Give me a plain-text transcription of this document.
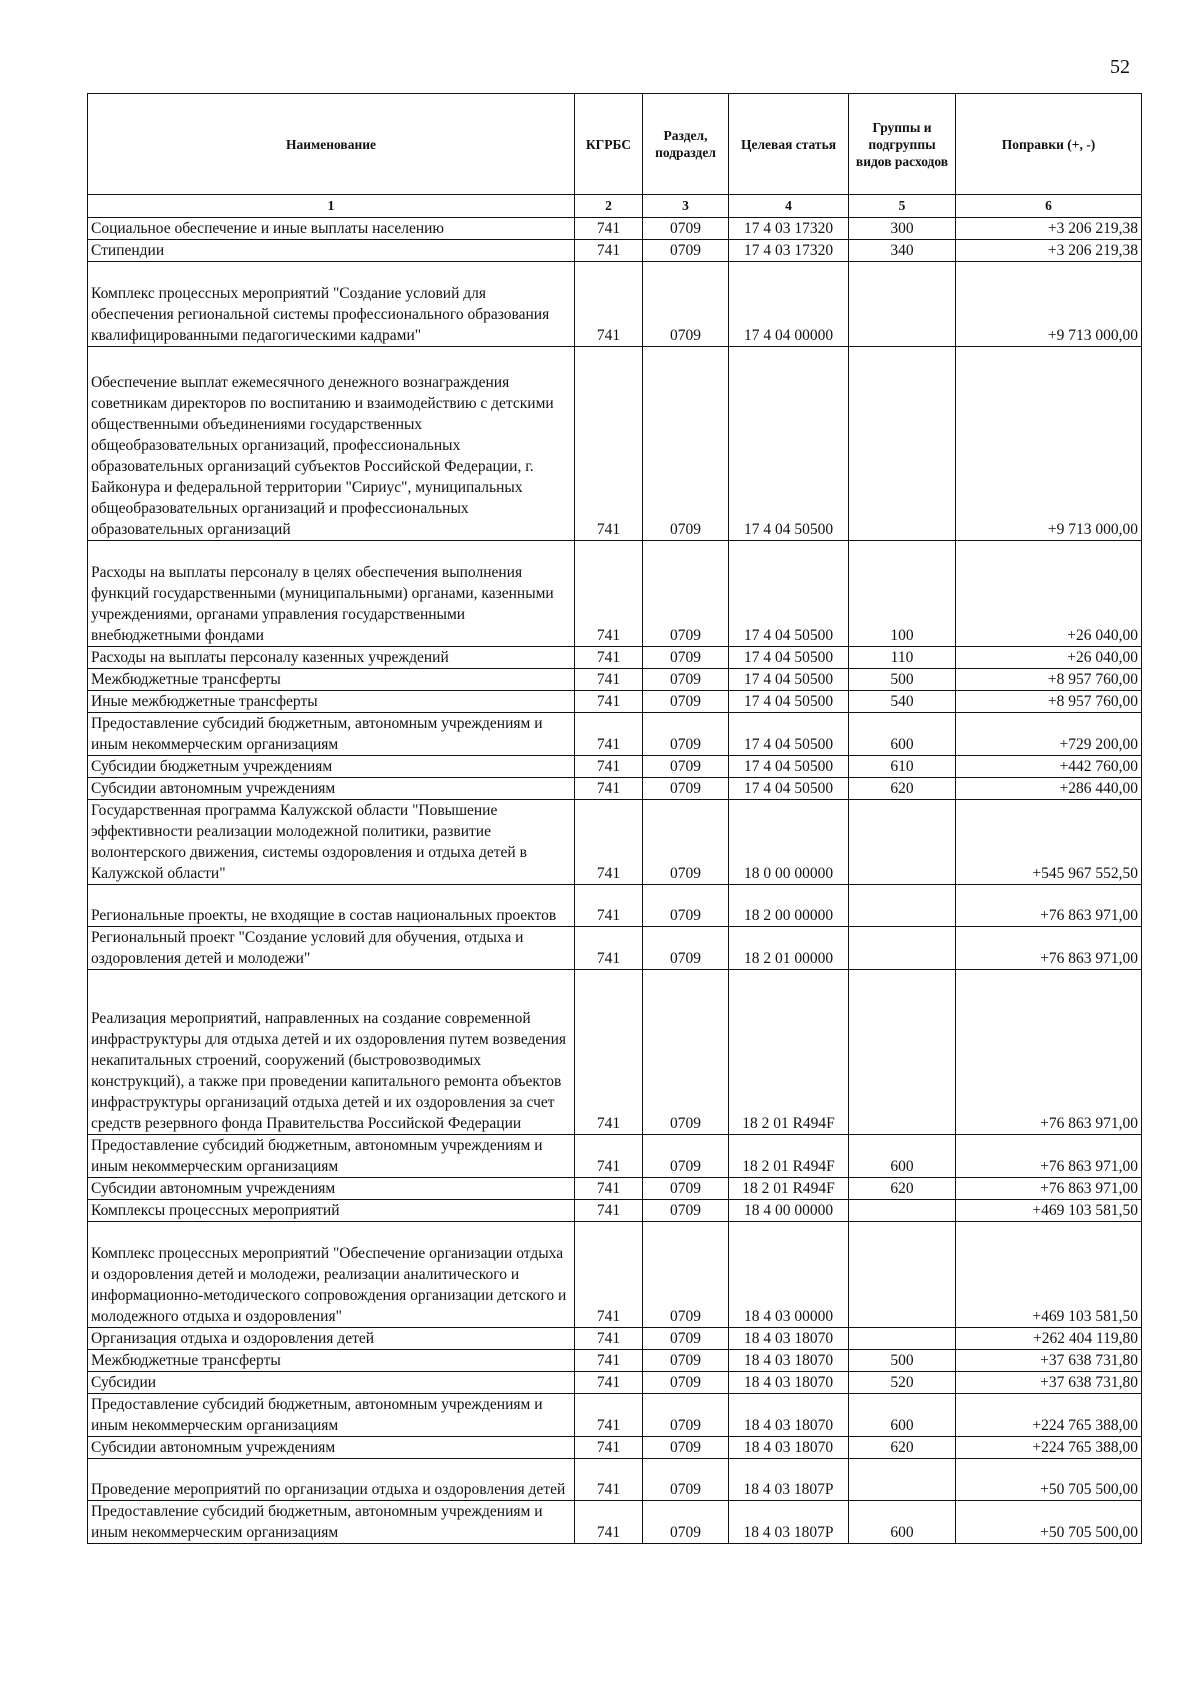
52
Наименование	КГРБС	Раздел, подраздел	Целевая статья	Группы и подгруппы видов расходов	Поправки (+, -)
1	2	3	4	5	6
Социальное обеспечение и иные выплаты населению	741	0709	17 4 03 17320	300	+3 206 219,38
Стипендии	741	0709	17 4 03 17320	340	+3 206 219,38
Комплекс процессных мероприятий "Создание условий для обеспечения региональной системы профессионального образования квалифицированными педагогическими кадрами"	741	0709	17 4 04 00000		+9 713 000,00
Обеспечение выплат ежемесячного денежного вознаграждения советникам директоров по воспитанию и взаимодействию с детскими общественными объединениями государственных общеобразовательных организаций, профессиональных образовательных организаций субъектов Российской Федерации, г. Байконура и федеральной территории "Сириус", муниципальных общеобразовательных организаций и профессиональных образовательных организаций	741	0709	17 4 04 50500		+9 713 000,00
Расходы на выплаты персоналу в целях обеспечения выполнения функций государственными (муниципальными) органами, казенными учреждениями, органами управления государственными внебюджетными фондами	741	0709	17 4 04 50500	100	+26 040,00
Расходы на выплаты персоналу казенных учреждений	741	0709	17 4 04 50500	110	+26 040,00
Межбюджетные трансферты	741	0709	17 4 04 50500	500	+8 957 760,00
Иные межбюджетные трансферты	741	0709	17 4 04 50500	540	+8 957 760,00
Предоставление субсидий бюджетным, автономным учреждениям и иным некоммерческим организациям	741	0709	17 4 04 50500	600	+729 200,00
Субсидии бюджетным учреждениям	741	0709	17 4 04 50500	610	+442 760,00
Субсидии автономным учреждениям	741	0709	17 4 04 50500	620	+286 440,00
Государственная программа Калужской области "Повышение эффективности реализации молодежной политики, развитие волонтерского движения, системы оздоровления и отдыха детей в Калужской области"	741	0709	18 0 00 00000		+545 967 552,50
Региональные проекты, не входящие в состав национальных проектов	741	0709	18 2 00 00000		+76 863 971,00
Региональный проект "Создание условий для обучения, отдыха и оздоровления детей и молодежи"	741	0709	18 2 01 00000		+76 863 971,00
Реализация мероприятий, направленных на создание современной инфраструктуры для отдыха детей и их оздоровления путем возведения некапитальных строений, сооружений (быстровозводимых конструкций), а также при проведении капитального ремонта объектов инфраструктуры организаций отдыха детей и их оздоровления за счет средств резервного фонда Правительства Российской Федерации	741	0709	18 2 01 R494F		+76 863 971,00
Предоставление субсидий бюджетным, автономным учреждениям и иным некоммерческим организациям	741	0709	18 2 01 R494F	600	+76 863 971,00
Субсидии автономным учреждениям	741	0709	18 2 01 R494F	620	+76 863 971,00
Комплексы процессных мероприятий	741	0709	18 4 00 00000		+469 103 581,50
Комплекс процессных мероприятий "Обеспечение организации отдыха и оздоровления детей и молодежи, реализации аналитического и информационно-методического сопровождения организации детского и молодежного отдыха и оздоровления"	741	0709	18 4 03 00000		+469 103 581,50
Организация отдыха и оздоровления детей	741	0709	18 4 03 18070		+262 404 119,80
Межбюджетные трансферты	741	0709	18 4 03 18070	500	+37 638 731,80
Субсидии	741	0709	18 4 03 18070	520	+37 638 731,80
Предоставление субсидий бюджетным, автономным учреждениям и иным некоммерческим организациям	741	0709	18 4 03 18070	600	+224 765 388,00
Субсидии автономным учреждениям	741	0709	18 4 03 18070	620	+224 765 388,00
Проведение мероприятий по организации отдыха и оздоровления детей	741	0709	18 4 03 1807Р		+50 705 500,00
Предоставление субсидий бюджетным, автономным учреждениям и иным некоммерческим организациям	741	0709	18 4 03 1807Р	600	+50 705 500,00
